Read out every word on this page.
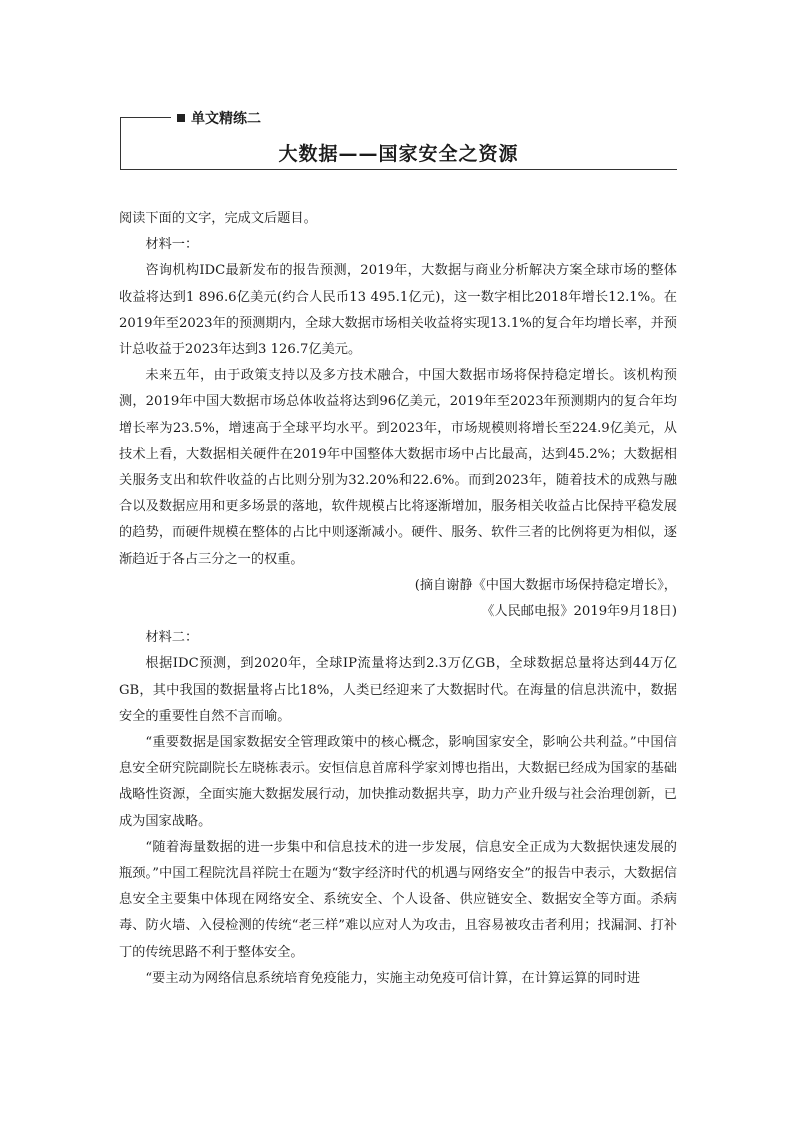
单文精练二
大数据——国家安全之资源

阅读下面的文字，完成文后题目。

材料一：

咨询机构IDC最新发布的报告预测，2019年，大数据与商业分析解决方案全球市场的整体收益将达到1 896.6亿美元(约合人民币13 495.1亿元)，这一数字相比2018年增长12.1%。在2019年至2023年的预测期内，全球大数据市场相关收益将实现13.1%的复合年均增长率，并预计总收益于2023年达到3 126.7亿美元。

未来五年，由于政策支持以及多方技术融合，中国大数据市场将保持稳定增长。该机构预测，2019年中国大数据市场总体收益将达到96亿美元，2019年至2023年预测期内的复合年均增长率为23.5%，增速高于全球平均水平。到2023年，市场规模则将增长至224.9亿美元，从技术上看，大数据相关硬件在2019年中国整体大数据市场中占比最高，达到45.2%；大数据相关服务支出和软件收益的占比则分别为32.20%和22.6%。而到2023年，随着技术的成熟与融合以及数据应用和更多场景的落地，软件规模占比将逐渐增加，服务相关收益占比保持平稳发展的趋势，而硬件规模在整体的占比中则逐渐减小。硬件、服务、软件三者的比例将更为相似，逐渐趋近于各占三分之一的权重。

(摘自谢静《中国大数据市场保持稳定增长》，

《人民邮电报》2019年9月18日)

材料二：

根据IDC预测，到2020年，全球IP流量将达到2.3万亿GB，全球数据总量将达到44万亿GB，其中我国的数据量将占比18%，人类已经迎来了大数据时代。在海量的信息洪流中，数据安全的重要性自然不言而喻。

“重要数据是国家数据安全管理政策中的核心概念，影响国家安全，影响公共利益。”中国信息安全研究院副院长左晓栋表示。安恒信息首席科学家刘博也指出，大数据已经成为国家的基础战略性资源，全面实施大数据发展行动，加快推动数据共享，助力产业升级与社会治理创新，已成为国家战略。

“随着海量数据的进一步集中和信息技术的进一步发展，信息安全正成为大数据快速发展的瓶颈。”中国工程院沈昌祥院士在题为“数字经济时代的机遇与网络安全”的报告中表示，大数据信息安全主要集中体现在网络安全、系统安全、个人设备、供应链安全、数据安全等方面。杀病毒、防火墙、入侵检测的传统“老三样”难以应对人为攻击，且容易被攻击者利用；找漏洞、打补丁的传统思路不利于整体安全。

“要主动为网络信息系统培育免疫能力，实施主动免疫可信计算，在计算运算的同时进
